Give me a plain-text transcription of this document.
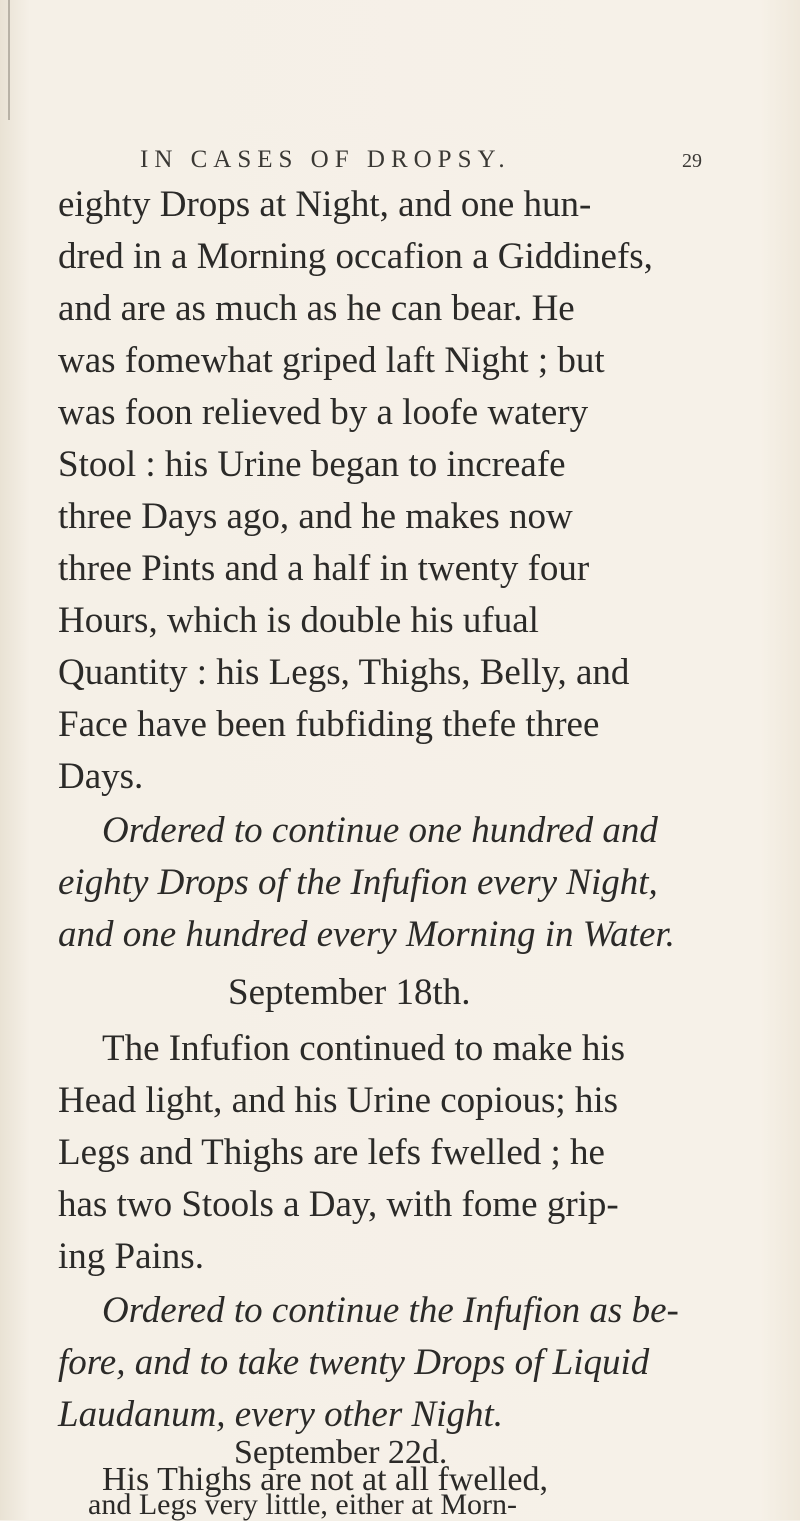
IN CASES OF DROPSY.	29
eighty Drops at Night, and one hun-
dred in a Morning occafion a Giddinefs,
and are as much as he can bear. He
was fomewhat griped laft Night ; but
was foon relieved by a loofe watery
Stool : his Urine began to increafe
three Days ago, and he makes now
three Pints and a half in twenty four
Hours, which is double his ufual
Quantity : his Legs, Thighs, Belly, and
Face have been fubfiding thefe three
Days.
Ordered to continue one hundred and
eighty Drops of the Infufion every Night,
and one hundred every Morning in Water.
September 18th.
The Infufion continued to make his
Head light, and his Urine copious; his
Legs and Thighs are lefs fwelled ; he
has two Stools a Day, with fome grip-
ing Pains.
Ordered to continue the Infufion as be-
fore, and to take twenty Drops of Liquid
Laudanum, every other Night.
September 22d.
His Thighs are not at all fwelled,
and Legs very little, either at Morn-
